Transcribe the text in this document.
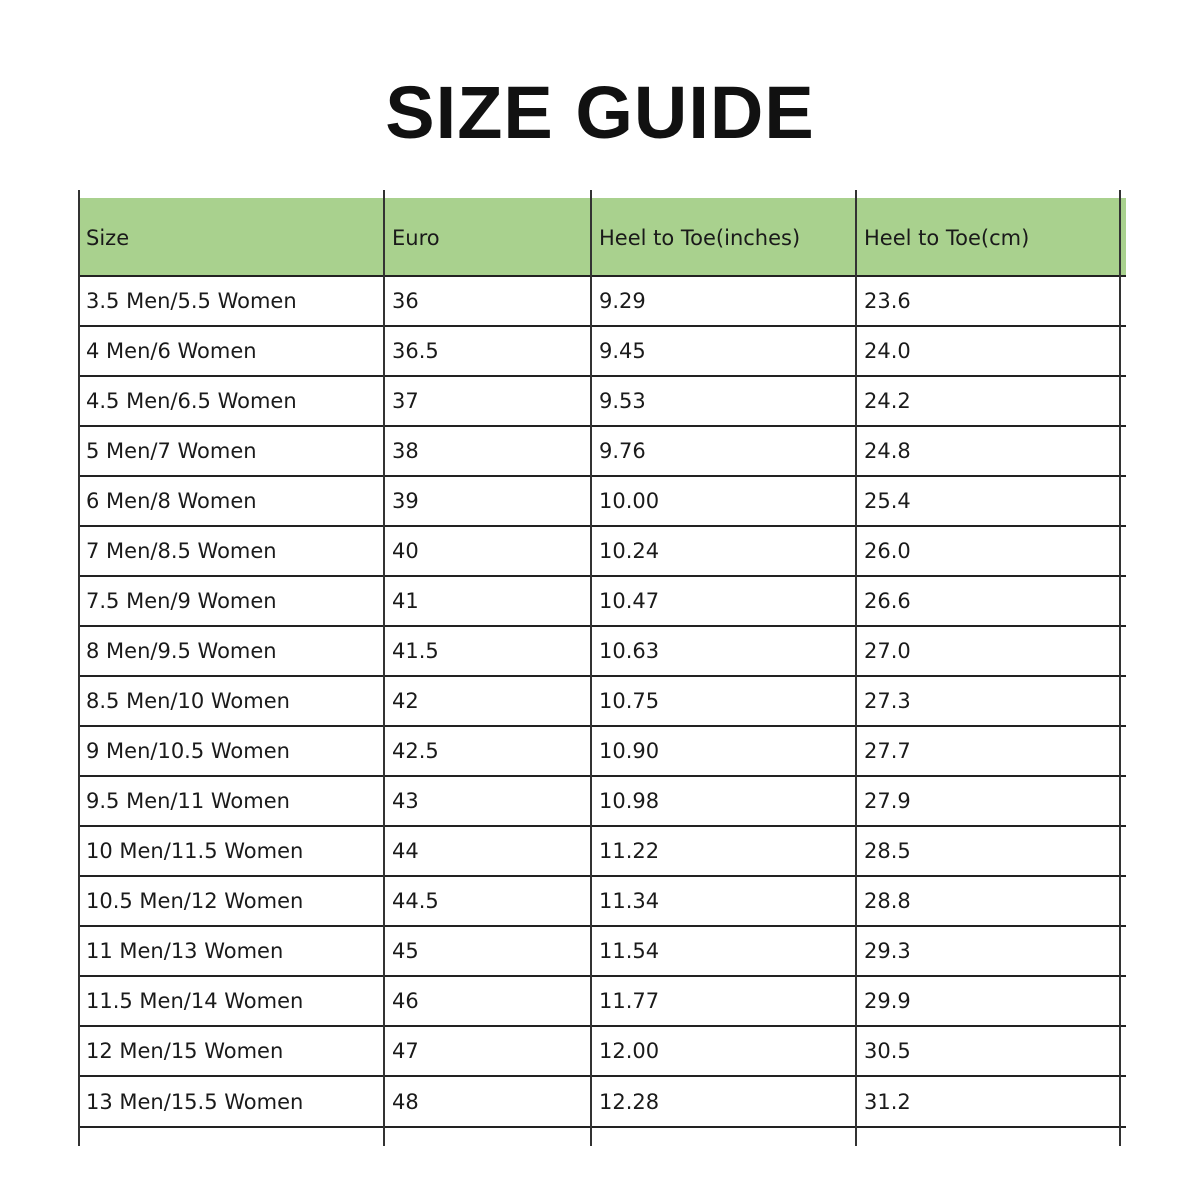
SIZE GUIDE
Size	Euro	Heel to Toe(inches)	Heel to Toe(cm)
3.5 Men/5.5 Women	36	9.29	23.6
4 Men/6 Women	36.5	9.45	24.0
4.5 Men/6.5 Women	37	9.53	24.2
5 Men/7 Women	38	9.76	24.8
6 Men/8 Women	39	10.00	25.4
7 Men/8.5 Women	40	10.24	26.0
7.5 Men/9 Women	41	10.47	26.6
8 Men/9.5 Women	41.5	10.63	27.0
8.5 Men/10 Women	42	10.75	27.3
9 Men/10.5 Women	42.5	10.90	27.7
9.5 Men/11 Women	43	10.98	27.9
10 Men/11.5 Women	44	11.22	28.5
10.5 Men/12 Women	44.5	11.34	28.8
11 Men/13 Women	45	11.54	29.3
11.5 Men/14 Women	46	11.77	29.9
12 Men/15 Women	47	12.00	30.5
13 Men/15.5 Women	48	12.28	31.2
